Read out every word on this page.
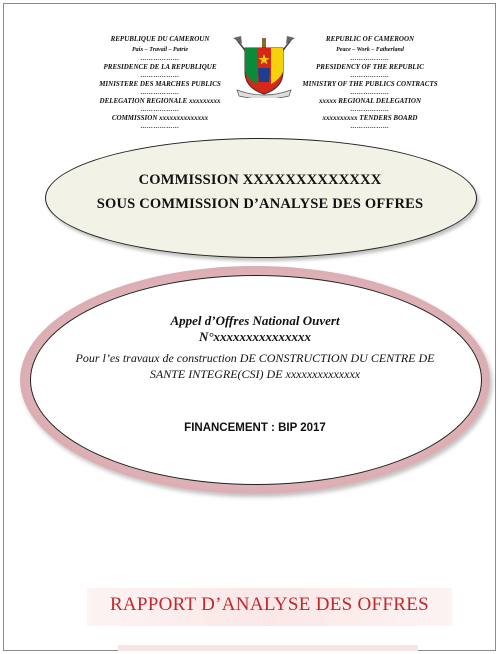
REPUBLIQUE DU CAMEROUN
Paix – Travail – Patrie
………………
PRESIDENCE DE LA REPUBLIQUE
………………
MINISTERE DES MARCHES PUBLICS
………………
DELEGATION REGIONALE xxxxxxxxx
………………
COMMISSION xxxxxxxxxxxxxx
………………
REPUBLIC OF CAMEROON
Peace – Work – Fatherland
………………
PRESIDENCY OF THE REPUBLIC
………………
MINISTRY OF THE PUBLICS CONTRACTS
………………
xxxxx REGIONAL DELEGATION
………………
xxxxxxxxxx TENDERS BOARD
………………
COMMISSION XXXXXXXXXXXXX
SOUS COMMISSION D’ANALYSE DES OFFRES
Appel d’Offres National Ouvert
N°xxxxxxxxxxxxxxx
Pour l’es travaux de construction DE CONSTRUCTION DU CENTRE DE SANTE INTEGRE(CSI) DE xxxxxxxxxxxxxx
FINANCEMENT : BIP 2017
RAPPORT D’ANALYSE DES OFFRES
